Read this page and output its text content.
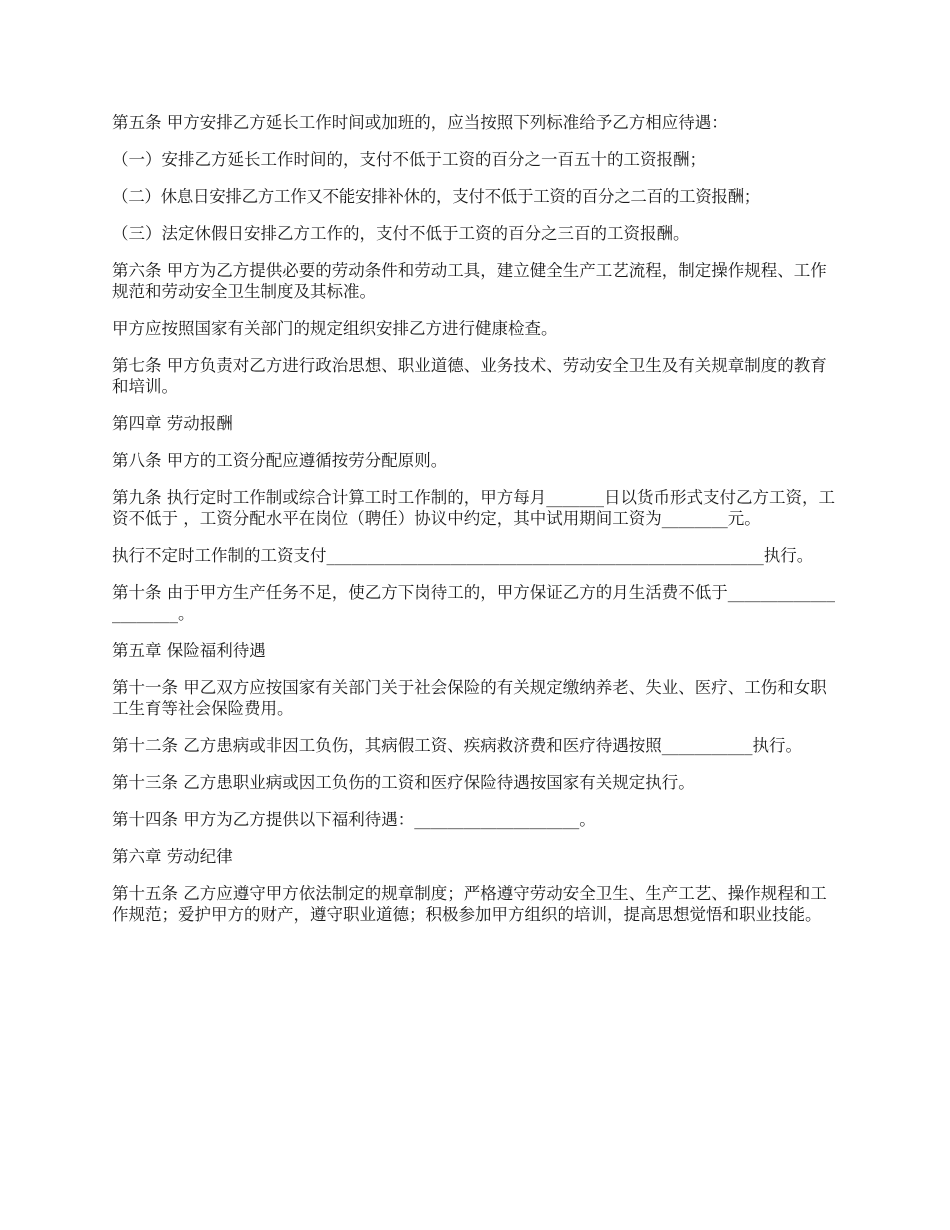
第五条 甲方安排乙方延长工作时间或加班的，应当按照下列标准给予乙方相应待遇：

（一）安排乙方延长工作时间的，支付不低于工资的百分之一百五十的工资报酬；

（二）休息日安排乙方工作又不能安排补休的，支付不低于工资的百分之二百的工资报酬；

（三）法定休假日安排乙方工作的，支付不低于工资的百分之三百的工资报酬。

第六条 甲方为乙方提供必要的劳动条件和劳动工具，建立健全生产工艺流程，制定操作规程、工作规范和劳动安全卫生制度及其标准。

甲方应按照国家有关部门的规定组织安排乙方进行健康检查。

第七条 甲方负责对乙方进行政治思想、职业道德、业务技术、劳动安全卫生及有关规章制度的教育和培训。

第四章 劳动报酬

第八条 甲方的工资分配应遵循按劳分配原则。

第九条 执行定时工作制或综合计算工时工作制的，甲方每月_______日以货币形式支付乙方工资，工资不低于 ，工资分配水平在岗位（聘任）协议中约定，其中试用期间工资为________元。

执行不定时工作制的工资支付_____________________________________________________执行。

第十条 由于甲方生产任务不足，使乙方下岗待工的，甲方保证乙方的月生活费不低于_____________________。

第五章 保险福利待遇

第十一条 甲乙双方应按国家有关部门关于社会保险的有关规定缴纳养老、失业、医疗、工伤和女职工生育等社会保险费用。

第十二条 乙方患病或非因工负伤，其病假工资、疾病救济费和医疗待遇按照___________执行。

第十三条 乙方患职业病或因工负伤的工资和医疗保险待遇按国家有关规定执行。

第十四条 甲方为乙方提供以下福利待遇：____________________。

第六章 劳动纪律

第十五条 乙方应遵守甲方依法制定的规章制度；严格遵守劳动安全卫生、生产工艺、操作规程和工作规范；爱护甲方的财产，遵守职业道德；积极参加甲方组织的培训，提高思想觉悟和职业技能。
